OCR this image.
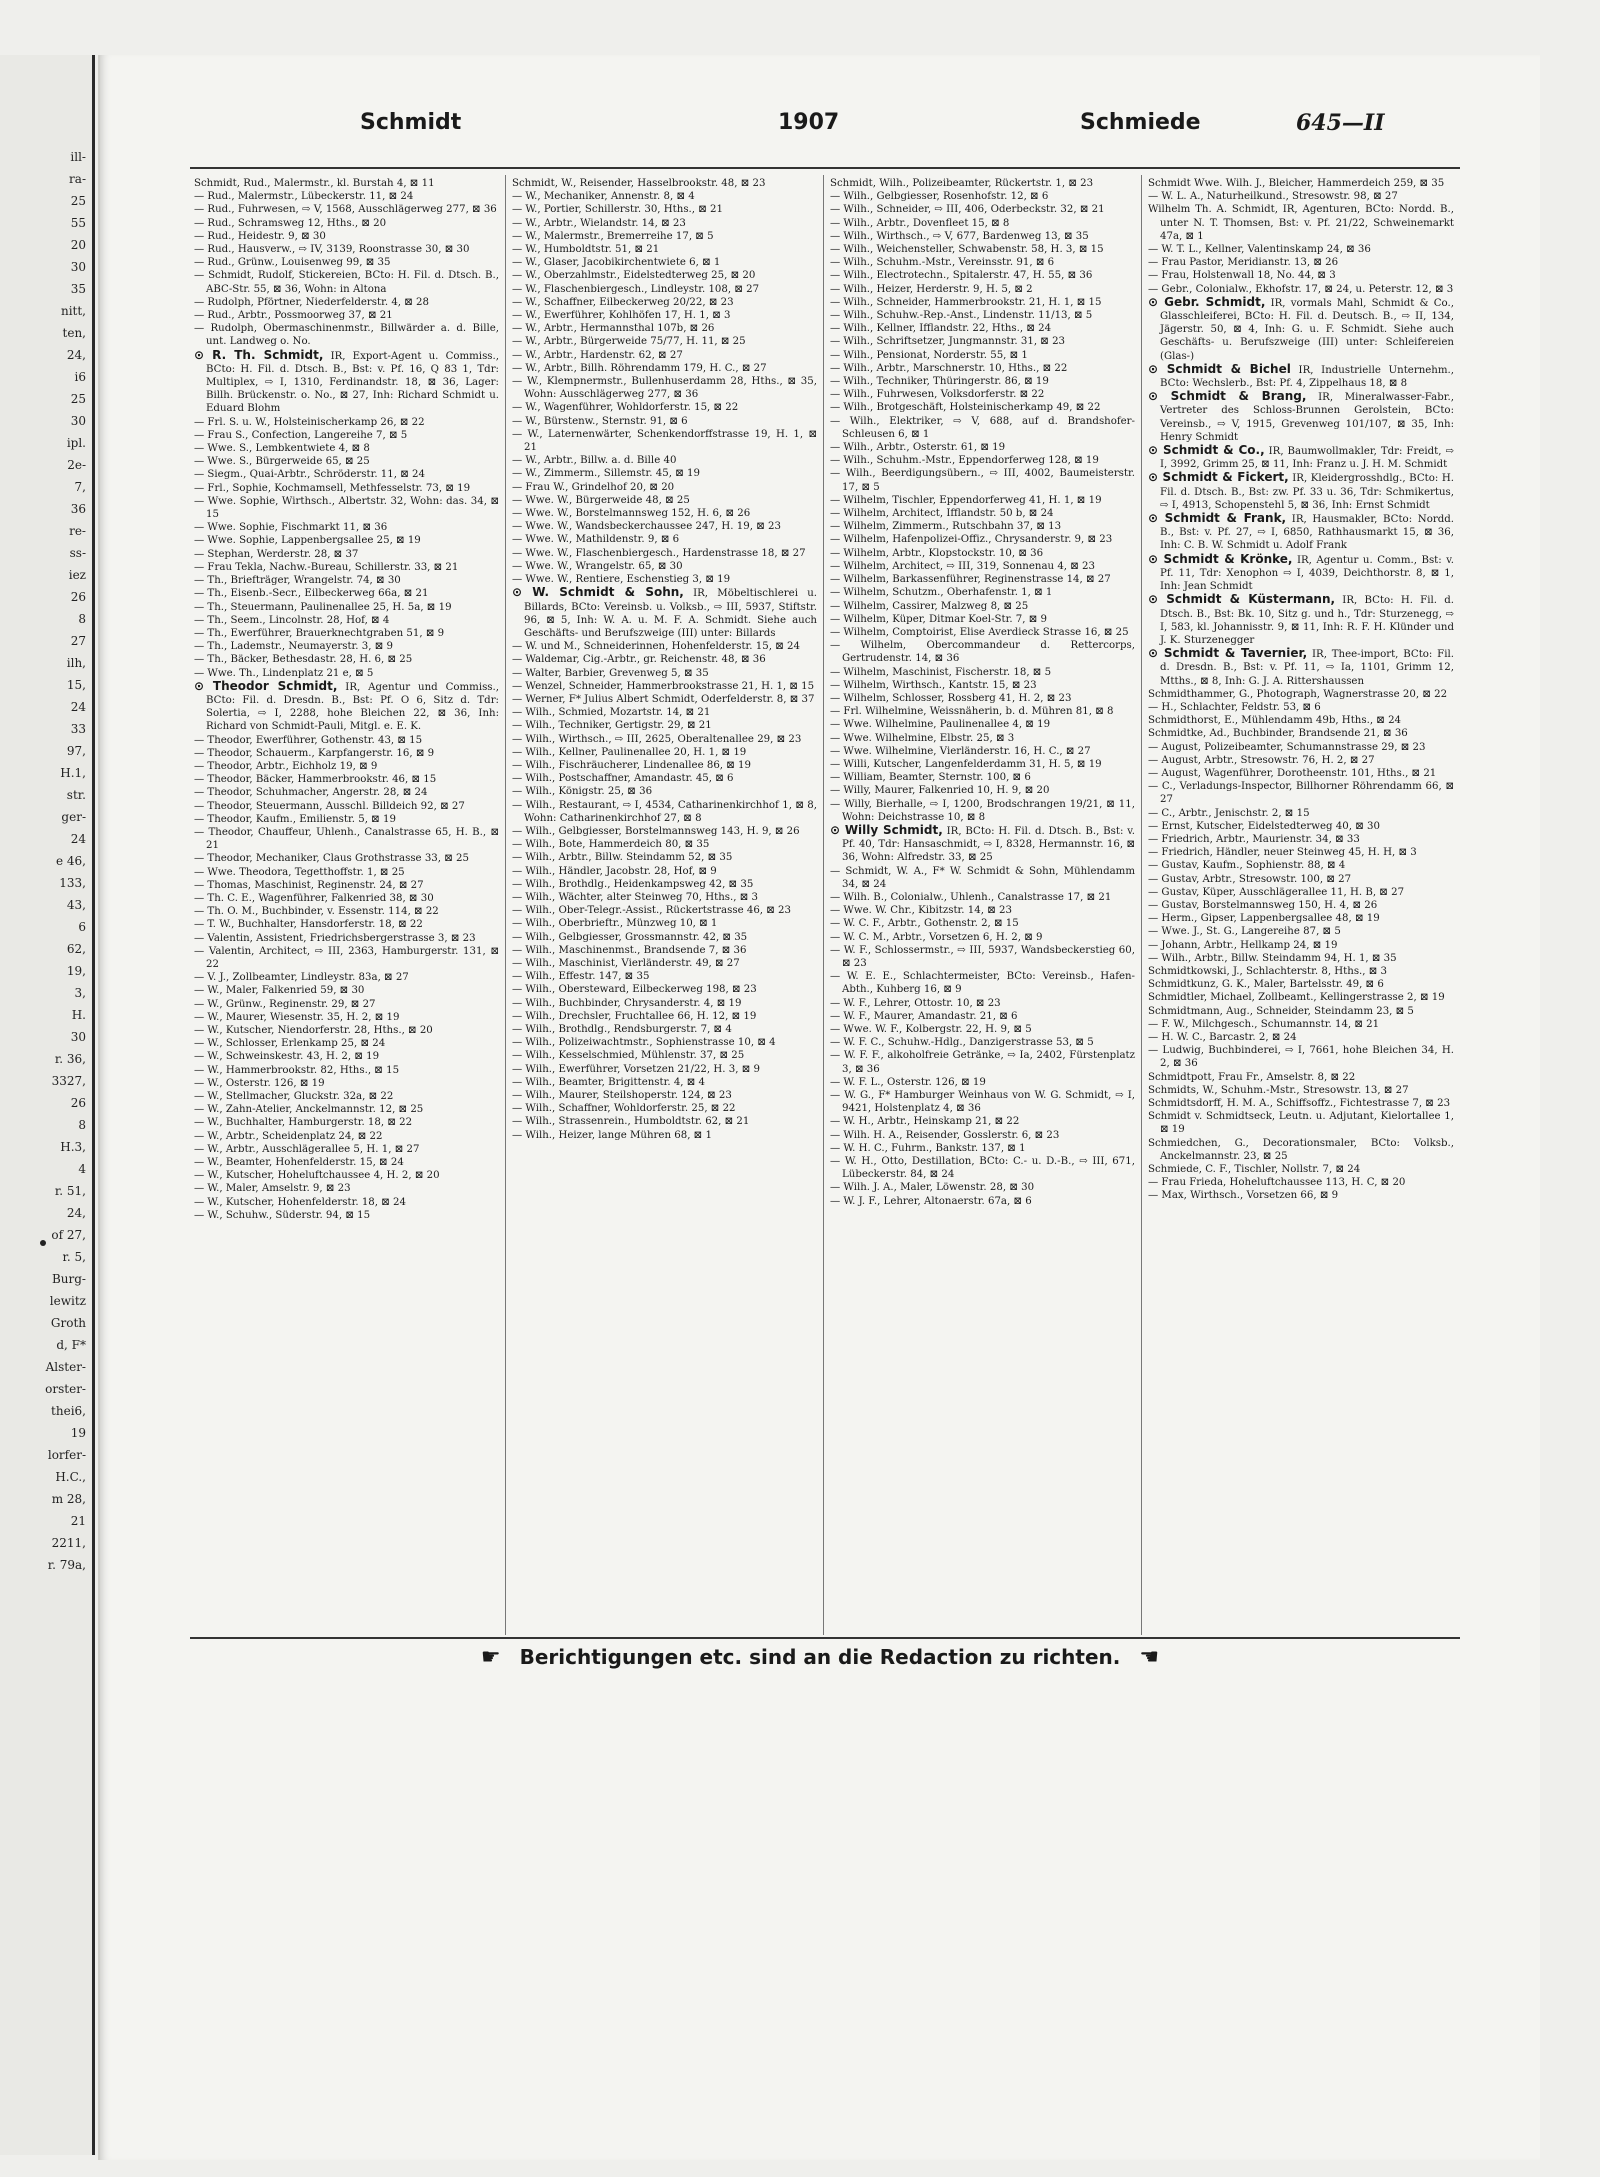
ill-
ra-
25
55
20
30
35
nitt,
ten,
24,
i6
25
30
ipl.
2e-
7,
36
re-
ss-
iez
26
8
27
ilh,
15,
24
33
97,
H.1,
str.
ger-
24
e 46,
133,
43,
6
62,
19,
3,
H.
30
r. 36,
3327,
26
8
H.3,
4
r. 51,
24,
of 27,
r. 5,
Burg-
lewitz
Groth
d, F*
Alster-
orster-
thei6,
19
lorfer-
H.C.,
m 28,
21
2211,
r. 79a,
Schmidt	1907	Schmiede	645—II
Schmidt, Rud., Malermstr., kl. Burstah 4, ⊠ 11
— Rud., Malermstr., Lübeckerstr. 11, ⊠ 24
— Rud., Fuhrwesen, ⇨ V, 1568, Ausschlägerweg 277, ⊠ 36
— Rud., Schramsweg 12, Hths., ⊠ 20
— Rud., Heidestr. 9, ⊠ 30
— Rud., Hausverw., ⇨ IV, 3139, Roonstrasse 30, ⊠ 30
— Rud., Grünw., Louisenweg 99, ⊠ 35
— Schmidt, Rudolf, Stickereien, BCto: H. Fil. d. Dtsch. B., ABC-Str. 55, ⊠ 36, Wohn: in Altona
— Rudolph, Pförtner, Niederfelderstr. 4, ⊠ 28
— Rud., Arbtr., Possmoorweg 37, ⊠ 21
— Rudolph, Obermaschinenmstr., Billwärder a. d. Bille, unt. Landweg o. No.
⊙ R. Th. Schmidt, IR, Export-Agent u. Commiss., BCto: H. Fil. d. Dtsch. B., Bst: v. Pf. 16, Q 83 1, Tdr: Multiplex, ⇨ I, 1310, Ferdinandstr. 18, ⊠ 36, Lager: Billh. Brückenstr. o. No., ⊠ 27, Inh: Richard Schmidt u. Eduard Blohm
— Frl. S. u. W., Holsteinischerkamp 26, ⊠ 22
— Frau S., Confection, Langereihe 7, ⊠ 5
— Wwe. S., Lembkentwiete 4, ⊠ 8
— Wwe. S., Bürgerweide 65, ⊠ 25
— Siegm., Quai-Arbtr., Schröderstr. 11, ⊠ 24
— Frl., Sophie, Kochmamsell, Methfesselstr. 73, ⊠ 19
— Wwe. Sophie, Wirthsch., Albertstr. 32, Wohn: das. 34, ⊠ 15
— Wwe. Sophie, Fischmarkt 11, ⊠ 36
— Wwe. Sophie, Lappenbergsallee 25, ⊠ 19
— Stephan, Werderstr. 28, ⊠ 37
— Frau Tekla, Nachw.-Bureau, Schillerstr. 33, ⊠ 21
— Th., Briefträger, Wrangelstr. 74, ⊠ 30
— Th., Eisenb.-Secr., Eilbeckerweg 66a, ⊠ 21
— Th., Steuermann, Paulinenallee 25, H. 5a, ⊠ 19
— Th., Seem., Lincolnstr. 28, Hof, ⊠ 4
— Th., Ewerführer, Brauerknechtgraben 51, ⊠ 9
— Th., Lademstr., Neumayerstr. 3, ⊠ 9
— Th., Bäcker, Bethesdastr. 28, H. 6, ⊠ 25
— Wwe. Th., Lindenplatz 21 e, ⊠ 5
⊙ Theodor Schmidt, IR, Agentur und Commiss., BCto: Fil. d. Dresdn. B., Bst: Pf. O 6, Sitz d. Tdr: Solertia, ⇨ I, 2288, hohe Bleichen 22, ⊠ 36, Inh: Richard von Schmidt-Pauli, Mitgl. e. E. K.
— Theodor, Ewerführer, Gothenstr. 43, ⊠ 15
— Theodor, Schauerm., Karpfangerstr. 16, ⊠ 9
— Theodor, Arbtr., Eichholz 19, ⊠ 9
— Theodor, Bäcker, Hammerbrookstr. 46, ⊠ 15
— Theodor, Schuhmacher, Angerstr. 28, ⊠ 24
— Theodor, Steuermann, Ausschl. Billdeich 92, ⊠ 27
— Theodor, Kaufm., Emilienstr. 5, ⊠ 19
— Theodor, Chauffeur, Uhlenh., Canalstrasse 65, H. B., ⊠ 21
— Theodor, Mechaniker, Claus Grothstrasse 33, ⊠ 25
— Wwe. Theodora, Tegetthoffstr. 1, ⊠ 25
— Thomas, Maschinist, Reginenstr. 24, ⊠ 27
— Th. C. E., Wagenführer, Falkenried 38, ⊠ 30
— Th. O. M., Buchbinder, v. Essenstr. 114, ⊠ 22
— T. W., Buchhalter, Hansdorferstr. 18, ⊠ 22
— Valentin, Assistent, Friedrichsbergerstrasse 3, ⊠ 23
— Valentin, Architect, ⇨ III, 2363, Hamburgerstr. 131, ⊠ 22
— V. J., Zollbeamter, Lindleystr. 83a, ⊠ 27
— W., Maler, Falkenried 59, ⊠ 30
— W., Grünw., Reginenstr. 29, ⊠ 27
— W., Maurer, Wiesenstr. 35, H. 2, ⊠ 19
— W., Kutscher, Niendorferstr. 28, Hths., ⊠ 20
— W., Schlosser, Erlenkamp 25, ⊠ 24
— W., Schweinskestr. 43, H. 2, ⊠ 19
— W., Hammerbrookstr. 82, Hths., ⊠ 15
— W., Osterstr. 126, ⊠ 19
— W., Stellmacher, Gluckstr. 32a, ⊠ 22
— W., Zahn-Atelier, Anckelmannstr. 12, ⊠ 25
— W., Buchhalter, Hamburgerstr. 18, ⊠ 22
— W., Arbtr., Scheidenplatz 24, ⊠ 22
— W., Arbtr., Ausschlägerallee 5, H. 1, ⊠ 27
— W., Beamter, Hohenfelderstr. 15, ⊠ 24
— W., Kutscher, Hoheluftchaussee 4, H. 2, ⊠ 20
— W., Maler, Amselstr. 9, ⊠ 23
— W., Kutscher, Hohenfelderstr. 18, ⊠ 24
— W., Schuhw., Süderstr. 94, ⊠ 15
Schmidt, W., Reisender, Hasselbrookstr. 48, ⊠ 23
— W., Mechaniker, Annenstr. 8, ⊠ 4
— W., Portier, Schillerstr. 30, Hths., ⊠ 21
— W., Arbtr., Wielandstr. 14, ⊠ 23
— W., Malermstr., Bremerreihe 17, ⊠ 5
— W., Humboldtstr. 51, ⊠ 21
— W., Glaser, Jacobikirchentwiete 6, ⊠ 1
— W., Oberzahlmstr., Eidelstedterweg 25, ⊠ 20
— W., Flaschenbiergesch., Lindleystr. 108, ⊠ 27
— W., Schaffner, Eilbeckerweg 20/22, ⊠ 23
— W., Ewerführer, Kohlhöfen 17, H. 1, ⊠ 3
— W., Arbtr., Hermannsthal 107b, ⊠ 26
— W., Arbtr., Bürgerweide 75/77, H. 11, ⊠ 25
— W., Arbtr., Hardenstr. 62, ⊠ 27
— W., Arbtr., Billh. Röhrendamm 179, H. C., ⊠ 27
— W., Klempnermstr., Bullenhuserdamm 28, Hths., ⊠ 35, Wohn: Ausschlägerweg 277, ⊠ 36
— W., Wagenführer, Wohldorferstr. 15, ⊠ 22
— W., Bürstenw., Sternstr. 91, ⊠ 6
— W., Laternenwärter, Schenkendorffstrasse 19, H. 1, ⊠ 21
— W., Arbtr., Billw. a. d. Bille 40
— W., Zimmerm., Sillemstr. 45, ⊠ 19
— Frau W., Grindelhof 20, ⊠ 20
— Wwe. W., Bürgerweide 48, ⊠ 25
— Wwe. W., Borstelmannsweg 152, H. 6, ⊠ 26
— Wwe. W., Wandsbeckerchaussee 247, H. 19, ⊠ 23
— Wwe. W., Mathildenstr. 9, ⊠ 6
— Wwe. W., Flaschenbiergesch., Hardenstrasse 18, ⊠ 27
— Wwe. W., Wrangelstr. 65, ⊠ 30
— Wwe. W., Rentiere, Eschenstieg 3, ⊠ 19
⊙ W. Schmidt & Sohn, IR, Möbeltischlerei u. Billards, BCto: Vereinsb. u. Volksb., ⇨ III, 5937, Stiftstr. 96, ⊠ 5, Inh: W. A. u. M. F. A. Schmidt. Siehe auch Geschäfts- und Berufszweige (III) unter: Billards
— W. und M., Schneiderinnen, Hohenfelderstr. 15, ⊠ 24
— Waldemar, Cig.-Arbtr., gr. Reichenstr. 48, ⊠ 36
— Walter, Barbier, Grevenweg 5, ⊠ 35
— Wenzel, Schneider, Hammerbrookstrasse 21, H. 1, ⊠ 15
— Werner, F* Julius Albert Schmidt, Oderfelderstr. 8, ⊠ 37
— Wilh., Schmied, Mozartstr. 14, ⊠ 21
— Wilh., Techniker, Gertigstr. 29, ⊠ 21
— Wilh., Wirthsch., ⇨ III, 2625, Oberaltenallee 29, ⊠ 23
— Wilh., Kellner, Paulinenallee 20, H. 1, ⊠ 19
— Wilh., Fischräucherer, Lindenallee 86, ⊠ 19
— Wilh., Postschaffner, Amandastr. 45, ⊠ 6
— Wilh., Königstr. 25, ⊠ 36
— Wilh., Restaurant, ⇨ I, 4534, Catharinenkirchhof 1, ⊠ 8, Wohn: Catharinenkirchhof 27, ⊠ 8
— Wilh., Gelbgiesser, Borstelmannsweg 143, H. 9, ⊠ 26
— Wilh., Bote, Hammerdeich 80, ⊠ 35
— Wilh., Arbtr., Billw. Steindamm 52, ⊠ 35
— Wilh., Händler, Jacobstr. 28, Hof, ⊠ 9
— Wilh., Brothdlg., Heidenkampsweg 42, ⊠ 35
— Wilh., Wächter, alter Steinweg 70, Hths., ⊠ 3
— Wilh., Ober-Telegr.-Assist., Rückertstrasse 46, ⊠ 23
— Wilh., Oberbrieftr., Münzweg 10, ⊠ 1
— Wilh., Gelbgiesser, Grossmannstr. 42, ⊠ 35
— Wilh., Maschinenmst., Brandsende 7, ⊠ 36
— Wilh., Maschinist, Vierländerstr. 49, ⊠ 27
— Wilh., Effestr. 147, ⊠ 35
— Wilh., Obersteward, Eilbeckerweg 198, ⊠ 23
— Wilh., Buchbinder, Chrysanderstr. 4, ⊠ 19
— Wilh., Drechsler, Fruchtallee 66, H. 12, ⊠ 19
— Wilh., Brothdlg., Rendsburgerstr. 7, ⊠ 4
— Wilh., Polizeiwachtmstr., Sophienstrasse 10, ⊠ 4
— Wilh., Kesselschmied, Mühlenstr. 37, ⊠ 25
— Wilh., Ewerführer, Vorsetzen 21/22, H. 3, ⊠ 9
— Wilh., Beamter, Brigittenstr. 4, ⊠ 4
— Wilh., Maurer, Steilshoperstr. 124, ⊠ 23
— Wilh., Schaffner, Wohldorferstr. 25, ⊠ 22
— Wilh., Strassenrein., Humboldtstr. 62, ⊠ 21
— Wilh., Heizer, lange Mühren 68, ⊠ 1
Schmidt, Wilh., Polizeibeamter, Rückertstr. 1, ⊠ 23
— Wilh., Gelbgiesser, Rosenhofstr. 12, ⊠ 6
— Wilh., Schneider, ⇨ III, 406, Oderbeckstr. 32, ⊠ 21
— Wilh., Arbtr., Dovenfleet 15, ⊠ 8
— Wilh., Wirthsch., ⇨ V, 677, Bardenweg 13, ⊠ 35
— Wilh., Weichensteller, Schwabenstr. 58, H. 3, ⊠ 15
— Wilh., Schuhm.-Mstr., Vereinsstr. 91, ⊠ 6
— Wilh., Electrotechn., Spitalerstr. 47, H. 55, ⊠ 36
— Wilh., Heizer, Herderstr. 9, H. 5, ⊠ 2
— Wilh., Schneider, Hammerbrookstr. 21, H. 1, ⊠ 15
— Wilh., Schuhw.-Rep.-Anst., Lindenstr. 11/13, ⊠ 5
— Wilh., Kellner, Ifflandstr. 22, Hths., ⊠ 24
— Wilh., Schriftsetzer, Jungmannstr. 31, ⊠ 23
— Wilh., Pensionat, Norderstr. 55, ⊠ 1
— Wilh., Arbtr., Marschnerstr. 10, Hths., ⊠ 22
— Wilh., Techniker, Thüringerstr. 86, ⊠ 19
— Wilh., Fuhrwesen, Volksdorferstr. ⊠ 22
— Wilh., Brotgeschäft, Holsteinischerkamp 49, ⊠ 22
— Wilh., Elektriker, ⇨ V, 688, auf d. Brandshofer-Schleusen 6, ⊠ 1
— Wilh., Arbtr., Osterstr. 61, ⊠ 19
— Wilh., Schuhm.-Mstr., Eppendorferweg 128, ⊠ 19
— Wilh., Beerdigungsübern., ⇨ III, 4002, Baumeisterstr. 17, ⊠ 5
— Wilhelm, Tischler, Eppendorferweg 41, H. 1, ⊠ 19
— Wilhelm, Architect, Ifflandstr. 50 b, ⊠ 24
— Wilhelm, Zimmerm., Rutschbahn 37, ⊠ 13
— Wilhelm, Hafenpolizei-Offiz., Chrysanderstr. 9, ⊠ 23
— Wilhelm, Arbtr., Klopstockstr. 10, ⊠ 36
— Wilhelm, Architect, ⇨ III, 319, Sonnenau 4, ⊠ 23
— Wilhelm, Barkassenführer, Reginenstrasse 14, ⊠ 27
— Wilhelm, Schutzm., Oberhafenstr. 1, ⊠ 1
— Wilhelm, Cassirer, Malzweg 8, ⊠ 25
— Wilhelm, Küper, Ditmar Koel-Str. 7, ⊠ 9
— Wilhelm, Comptoirist, Elise Averdieck Strasse 16, ⊠ 25
— Wilhelm, Obercommandeur d. Rettercorps, Gertrudenstr. 14, ⊠ 36
— Wilhelm, Maschinist, Fischerstr. 18, ⊠ 5
— Wilhelm, Wirthsch., Kantstr. 15, ⊠ 23
— Wilhelm, Schlosser, Rossberg 41, H. 2, ⊠ 23
— Frl. Wilhelmine, Weissnäherin, b. d. Mühren 81, ⊠ 8
— Wwe. Wilhelmine, Paulinenallee 4, ⊠ 19
— Wwe. Wilhelmine, Elbstr. 25, ⊠ 3
— Wwe. Wilhelmine, Vierländerstr. 16, H. C., ⊠ 27
— Willi, Kutscher, Langenfelderdamm 31, H. 5, ⊠ 19
— William, Beamter, Sternstr. 100, ⊠ 6
— Willy, Maurer, Falkenried 10, H. 9, ⊠ 20
— Willy, Bierhalle, ⇨ I, 1200, Brodschrangen 19/21, ⊠ 11, Wohn: Deichstrasse 10, ⊠ 8
⊙ Willy Schmidt, IR, BCto: H. Fil. d. Dtsch. B., Bst: v. Pf. 40, Tdr: Hansaschmidt, ⇨ I, 8328, Hermannstr. 16, ⊠ 36, Wohn: Alfredstr. 33, ⊠ 25
— Schmidt, W. A., F* W. Schmidt & Sohn, Mühlendamm 34, ⊠ 24
— Wilh. B., Colonialw., Uhlenh., Canalstrasse 17, ⊠ 21
— Wwe. W. Chr., Kibitzstr. 14, ⊠ 23
— W. C. F., Arbtr., Gothenstr. 2, ⊠ 15
— W. C. M., Arbtr., Vorsetzen 6, H. 2, ⊠ 9
— W. F., Schlossermstr., ⇨ III, 5937, Wandsbeckerstieg 60, ⊠ 23
— W. E. E., Schlachtermeister, BCto: Vereinsb., Hafen-Abth., Kuhberg 16, ⊠ 9
— W. F., Lehrer, Ottostr. 10, ⊠ 23
— W. F., Maurer, Amandastr. 21, ⊠ 6
— Wwe. W. F., Kolbergstr. 22, H. 9, ⊠ 5
— W. F. C., Schuhw.-Hdlg., Danzigerstrasse 53, ⊠ 5
— W. F. F., alkoholfreie Getränke, ⇨ Ia, 2402, Fürstenplatz 3, ⊠ 36
— W. F. L., Osterstr. 126, ⊠ 19
— W. G., F* Hamburger Weinhaus von W. G. Schmidt, ⇨ I, 9421, Holstenplatz 4, ⊠ 36
— W. H., Arbtr., Heinskamp 21, ⊠ 22
— Wilh. H. A., Reisender, Gosslerstr. 6, ⊠ 23
— W. H. C., Fuhrm., Bankstr. 137, ⊠ 1
— W. H., Otto, Destillation, BCto: C.- u. D.-B., ⇨ III, 671, Lübeckerstr. 84, ⊠ 24
— Wilh. J. A., Maler, Löwenstr. 28, ⊠ 30
— W. J. F., Lehrer, Altonaerstr. 67a, ⊠ 6
Schmidt Wwe. Wilh. J., Bleicher, Hammerdeich 259, ⊠ 35
— W. L. A., Naturheilkund., Stresowstr. 98, ⊠ 27
Wilhelm Th. A. Schmidt, IR, Agenturen, BCto: Nordd. B., unter N. T. Thomsen, Bst: v. Pf. 21/22, Schweinemarkt 47a, ⊠ 1
— W. T. L., Kellner, Valentinskamp 24, ⊠ 36
— Frau Pastor, Meridianstr. 13, ⊠ 26
— Frau, Holstenwall 18, No. 44, ⊠ 3
— Gebr., Colonialw., Ekhofstr. 17, ⊠ 24, u. Peterstr. 12, ⊠ 3
⊙ Gebr. Schmidt, IR, vormals Mahl, Schmidt & Co., Glasschleiferei, BCto: H. Fil. d. Deutsch. B., ⇨ II, 134, Jägerstr. 50, ⊠ 4, Inh: G. u. F. Schmidt. Siehe auch Geschäfts- u. Berufszweige (III) unter: Schleifereien (Glas-)
⊙ Schmidt & Bichel IR, Industrielle Unternehm., BCto: Wechslerb., Bst: Pf. 4, Zippelhaus 18, ⊠ 8
⊙ Schmidt & Brang, IR, Mineralwasser-Fabr., Vertreter des Schloss-Brunnen Gerolstein, BCto: Vereinsb., ⇨ V, 1915, Grevenweg 101/107, ⊠ 35, Inh: Henry Schmidt
⊙ Schmidt & Co., IR, Baumwollmakler, Tdr: Freidt, ⇨ I, 3992, Grimm 25, ⊠ 11, Inh: Franz u. J. H. M. Schmidt
⊙ Schmidt & Fickert, IR, Kleidergrosshdlg., BCto: H. Fil. d. Dtsch. B., Bst: zw. Pf. 33 u. 36, Tdr: Schmikertus, ⇨ I, 4913, Schopenstehl 5, ⊠ 36, Inh: Ernst Schmidt
⊙ Schmidt & Frank, IR, Hausmakler, BCto: Nordd. B., Bst: v. Pf. 27, ⇨ I, 6850, Rathhausmarkt 15, ⊠ 36, Inh: C. B. W. Schmidt u. Adolf Frank
⊙ Schmidt & Krönke, IR, Agentur u. Comm., Bst: v. Pf. 11, Tdr: Xenophon ⇨ I, 4039, Deichthorstr. 8, ⊠ 1, Inh: Jean Schmidt
⊙ Schmidt & Küstermann, IR, BCto: H. Fil. d. Dtsch. B., Bst: Bk. 10, Sitz g. und h., Tdr: Sturzenegg, ⇨ I, 583, kl. Johannisstr. 9, ⊠ 11, Inh: R. F. H. Klünder und J. K. Sturzenegger
⊙ Schmidt & Tavernier, IR, Thee-import, BCto: Fil. d. Dresdn. B., Bst: v. Pf. 11, ⇨ Ia, 1101, Grimm 12, Mtths., ⊠ 8, Inh: G. J. A. Rittershaussen
Schmidthammer, G., Photograph, Wagnerstrasse 20, ⊠ 22
— H., Schlachter, Feldstr. 53, ⊠ 6
Schmidthorst, E., Mühlendamm 49b, Hths., ⊠ 24
Schmidtke, Ad., Buchbinder, Brandsende 21, ⊠ 36
— August, Polizeibeamter, Schumannstrasse 29, ⊠ 23
— August, Arbtr., Stresowstr. 76, H. 2, ⊠ 27
— August, Wagenführer, Dorotheenstr. 101, Hths., ⊠ 21
— C., Verladungs-Inspector, Billhorner Röhrendamm 66, ⊠ 27
— C., Arbtr., Jenischstr. 2, ⊠ 15
— Ernst, Kutscher, Eidelstedterweg 40, ⊠ 30
— Friedrich, Arbtr., Maurienstr. 34, ⊠ 33
— Friedrich, Händler, neuer Steinweg 45, H. H, ⊠ 3
— Gustav, Kaufm., Sophienstr. 88, ⊠ 4
— Gustav, Arbtr., Stresowstr. 100, ⊠ 27
— Gustav, Küper, Ausschlägerallee 11, H. B, ⊠ 27
— Gustav, Borstelmannsweg 150, H. 4, ⊠ 26
— Herm., Gipser, Lappenbergsallee 48, ⊠ 19
— Wwe. J., St. G., Langereihe 87, ⊠ 5
— Johann, Arbtr., Hellkamp 24, ⊠ 19
— Wilh., Arbtr., Billw. Steindamm 94, H. 1, ⊠ 35
Schmidtkowski, J., Schlachterstr. 8, Hths., ⊠ 3
Schmidtkunz, G. K., Maler, Bartelsstr. 49, ⊠ 6
Schmidtler, Michael, Zollbeamt., Kellingerstrasse 2, ⊠ 19
Schmidtmann, Aug., Schneider, Steindamm 23, ⊠ 5
— F. W., Milchgesch., Schumannstr. 14, ⊠ 21
— H. W. C., Barcastr. 2, ⊠ 24
— Ludwig, Buchbinderei, ⇨ I, 7661, hohe Bleichen 34, H. 2, ⊠ 36
Schmidtpott, Frau Fr., Amselstr. 8, ⊠ 22
Schmidts, W., Schuhm.-Mstr., Stresowstr. 13, ⊠ 27
Schmidtsdorff, H. M. A., Schiffsoffz., Fichtestrasse 7, ⊠ 23
Schmidt v. Schmidtseck, Leutn. u. Adjutant, Kielortallee 1, ⊠ 19
Schmiedchen, G., Decorationsmaler, BCto: Volksb., Anckelmannstr. 23, ⊠ 25
Schmiede, C. F., Tischler, Nollstr. 7, ⊠ 24
— Frau Frieda, Hoheluftchaussee 113, H. C, ⊠ 20
— Max, Wirthsch., Vorsetzen 66, ⊠ 9
☛ Berichtigungen etc. sind an die Redaction zu richten. ☚
